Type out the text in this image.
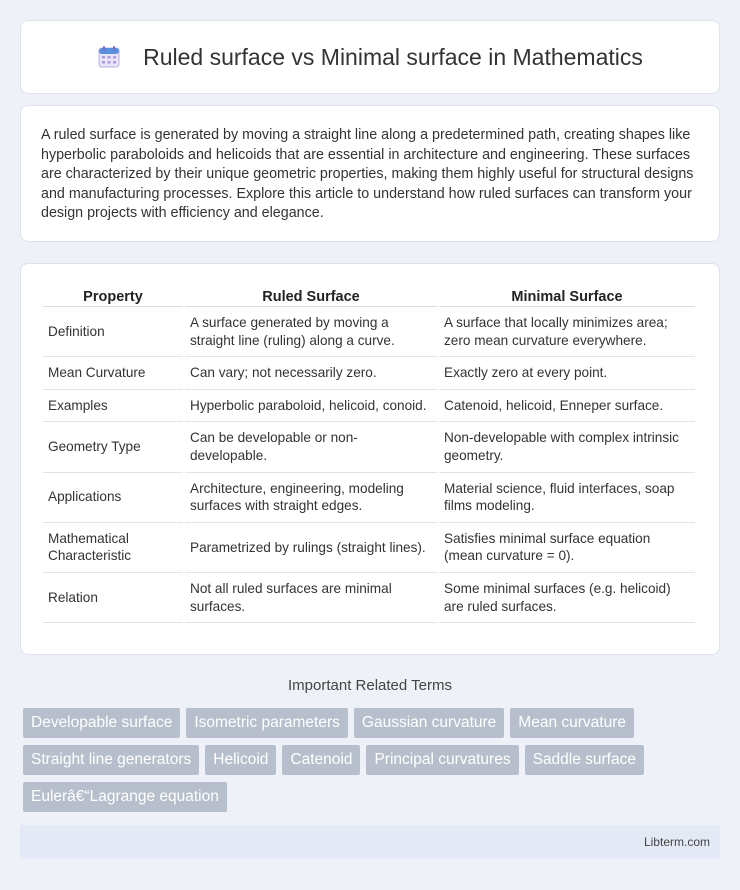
Ruled surface vs Minimal surface in Mathematics

A ruled surface is generated by moving a straight line along a predetermined path, creating shapes like hyperbolic paraboloids and helicoids that are essential in architecture and engineering. These surfaces are characterized by their unique geometric properties, making them highly useful for structural designs and manufacturing processes. Explore this article to understand how ruled surfaces can transform your design projects with efficiency and elegance.

Property	Ruled Surface	Minimal Surface
Definition	A surface generated by moving a straight line (ruling) along a curve.	A surface that locally minimizes area; zero mean curvature everywhere.
Mean Curvature	Can vary; not necessarily zero.	Exactly zero at every point.
Examples	Hyperbolic paraboloid, helicoid, conoid.	Catenoid, helicoid, Enneper surface.
Geometry Type	Can be developable or non-developable.	Non-developable with complex intrinsic geometry.
Applications	Architecture, engineering, modeling surfaces with straight edges.	Material science, fluid interfaces, soap films modeling.
Mathematical Characteristic	Parametrized by rulings (straight lines).	Satisfies minimal surface equation (mean curvature = 0).
Relation	Not all ruled surfaces are minimal surfaces.	Some minimal surfaces (e.g. helicoid) are ruled surfaces.
Important Related Terms
Developable surface	Isometric parameters	Gaussian curvature	Mean curvature
Straight line generators	Helicoid	Catenoid	Principal curvatures	Saddle surface
Eulerâ€“Lagrange equation
Libterm.com
